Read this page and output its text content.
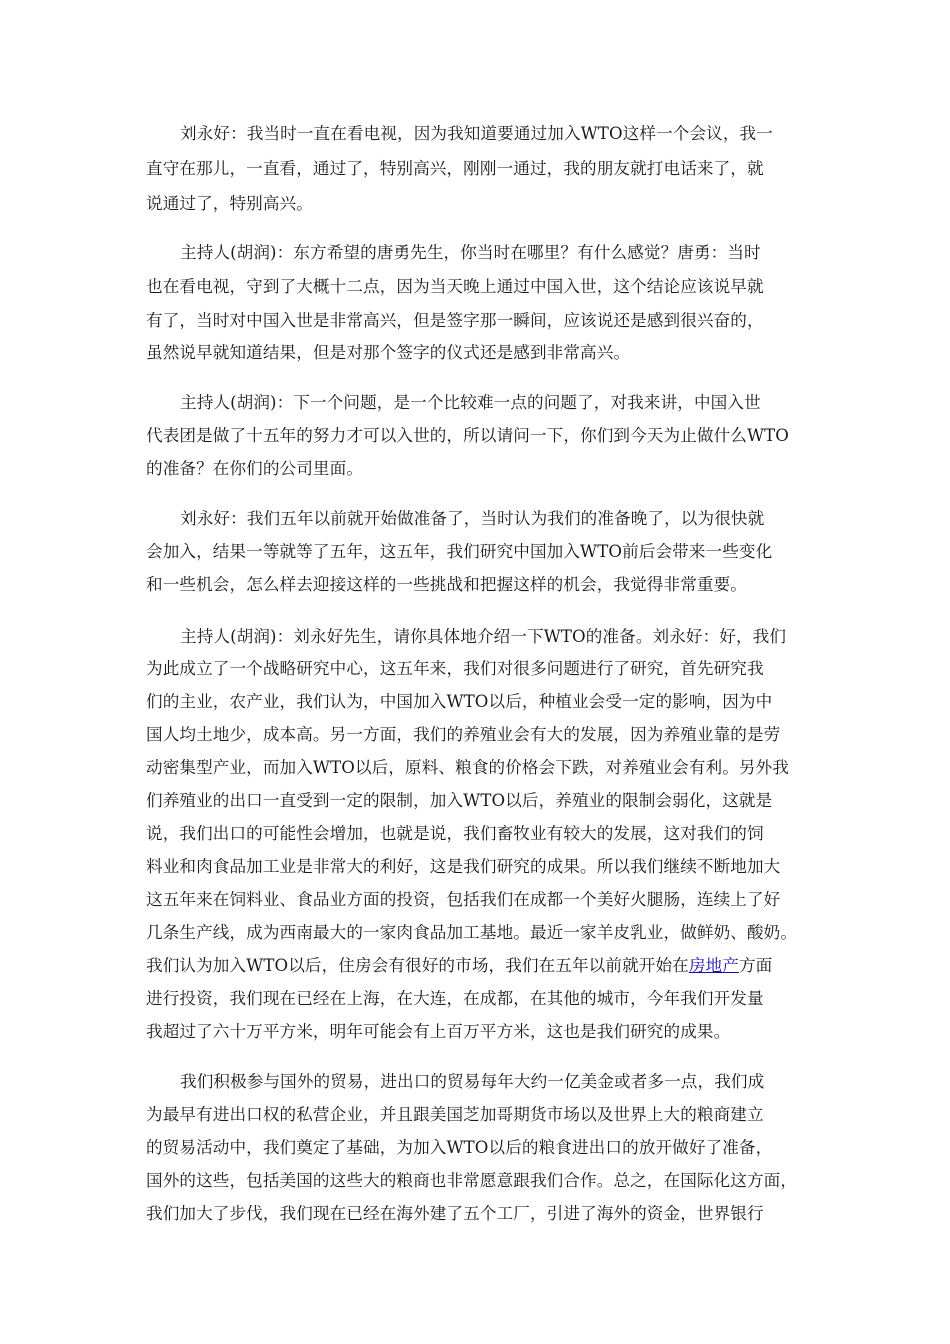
刘永好：我当时一直在看电视，因为我知道要通过加入WTO这样一个会议，我一
直守在那儿，一直看，通过了，特别高兴，刚刚一通过，我的朋友就打电话来了，就
说通过了，特别高兴。
主持人(胡润)：东方希望的唐勇先生，你当时在哪里？有什么感觉？唐勇：当时
也在看电视，守到了大概十二点，因为当天晚上通过中国入世，这个结论应该说早就
有了，当时对中国入世是非常高兴，但是签字那一瞬间，应该说还是感到很兴奋的，
虽然说早就知道结果，但是对那个签字的仪式还是感到非常高兴。
主持人(胡润)：下一个问题，是一个比较难一点的问题了，对我来讲，中国入世
代表团是做了十五年的努力才可以入世的，所以请问一下，你们到今天为止做什么WTO
的准备？在你们的公司里面。
刘永好：我们五年以前就开始做准备了，当时认为我们的准备晚了，以为很快就
会加入，结果一等就等了五年，这五年，我们研究中国加入WTO前后会带来一些变化
和一些机会，怎么样去迎接这样的一些挑战和把握这样的机会，我觉得非常重要。
主持人(胡润)：刘永好先生，请你具体地介绍一下WTO的准备。刘永好：好，我们
为此成立了一个战略研究中心，这五年来，我们对很多问题进行了研究，首先研究我
们的主业，农产业，我们认为，中国加入WTO以后，种植业会受一定的影响，因为中
国人均土地少，成本高。另一方面，我们的养殖业会有大的发展，因为养殖业靠的是劳
动密集型产业，而加入WTO以后，原料、粮食的价格会下跌，对养殖业会有利。另外我
们养殖业的出口一直受到一定的限制，加入WTO以后，养殖业的限制会弱化，这就是
说，我们出口的可能性会增加，也就是说，我们畜牧业有较大的发展，这对我们的饲
料业和肉食品加工业是非常大的利好，这是我们研究的成果。所以我们继续不断地加大
这五年来在饲料业、食品业方面的投资，包括我们在成都一个美好火腿肠，连续上了好
几条生产线，成为西南最大的一家肉食品加工基地。最近一家羊皮乳业，做鲜奶、酸奶。
我们认为加入WTO以后，住房会有很好的市场，我们在五年以前就开始在房地产方面
进行投资，我们现在已经在上海，在大连，在成都，在其他的城市，今年我们开发量
我超过了六十万平方米，明年可能会有上百万平方米，这也是我们研究的成果。
我们积极参与国外的贸易，进出口的贸易每年大约一亿美金或者多一点，我们成
为最早有进出口权的私营企业，并且跟美国芝加哥期货市场以及世界上大的粮商建立
的贸易活动中，我们奠定了基础，为加入WTO以后的粮食进出口的放开做好了准备，
国外的这些，包括美国的这些大的粮商也非常愿意跟我们合作。总之，在国际化这方面，
我们加大了步伐，我们现在已经在海外建了五个工厂，引进了海外的资金，世界银行
